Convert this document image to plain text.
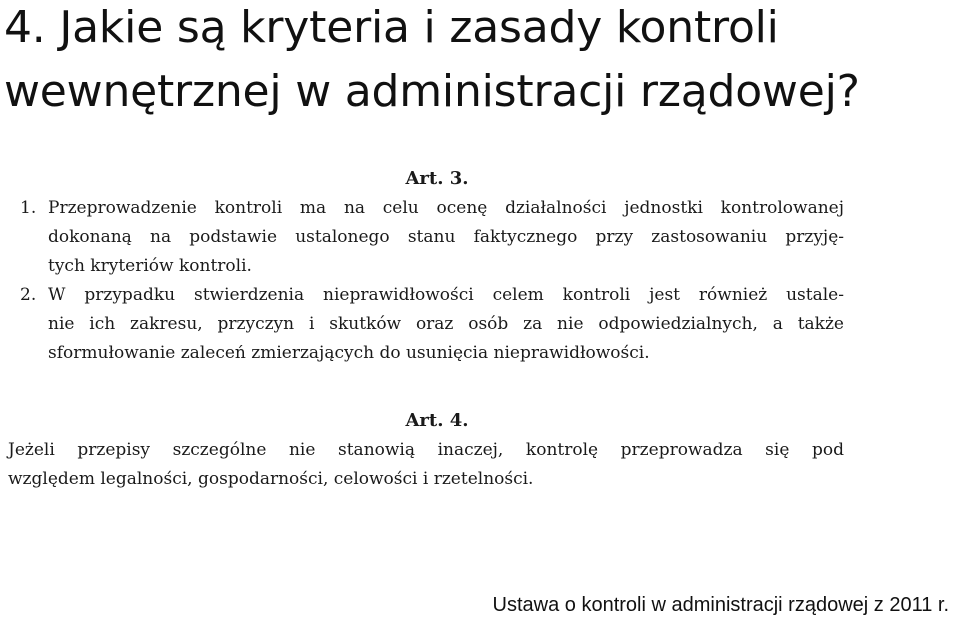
4. Jakie są kryteria i zasady kontroli
wewnętrznej w administracji rządowej?
Art. 3.
1. Przeprowadzenie kontroli ma na celu ocenę działalności jednostki kontrolowanej
dokonaną na podstawie ustalonego stanu faktycznego przy zastosowaniu przyję-
tych kryteriów kontroli.
2. W przypadku stwierdzenia nieprawidłowości celem kontroli jest również ustale-
nie ich zakresu, przyczyn i skutków oraz osób za nie odpowiedzialnych, a także
sformułowanie zaleceń zmierzających do usunięcia nieprawidłowości.
Art. 4.
Jeżeli przepisy szczególne nie stanowią inaczej, kontrolę przeprowadza się pod
względem legalności, gospodarności, celowości i rzetelności.
Ustawa o kontroli w administracji rządowej z 2011 r.
